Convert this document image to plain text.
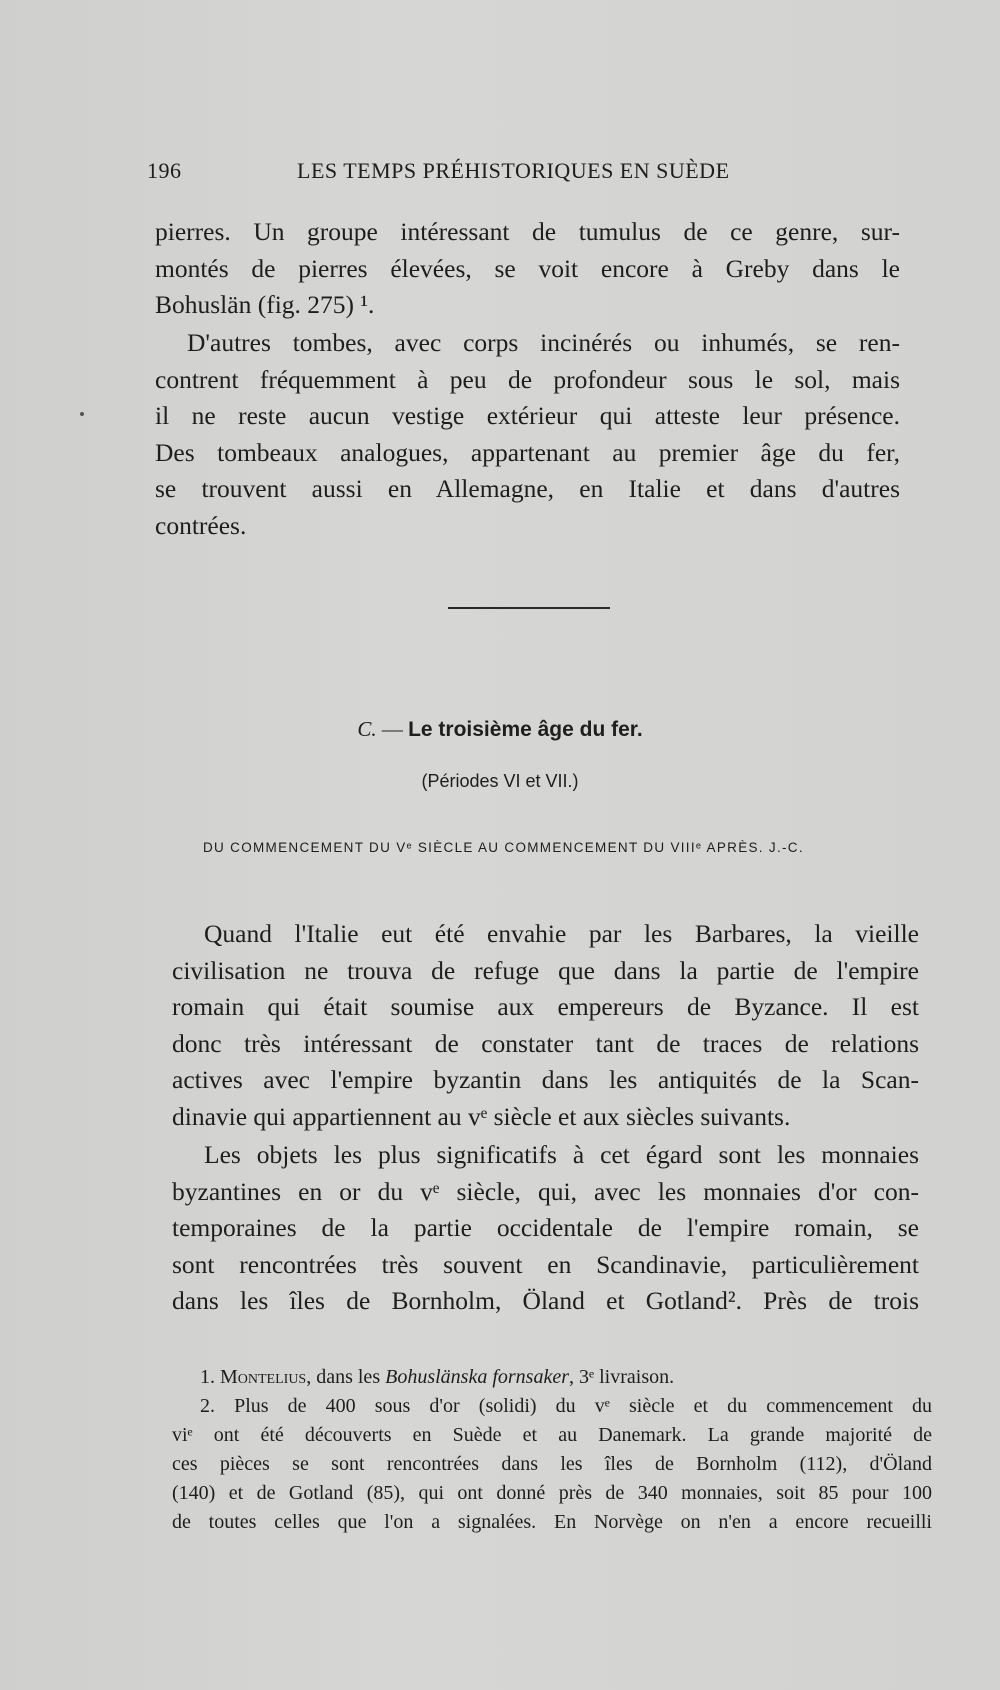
196	LES TEMPS PRÉHISTORIQUES EN SUÈDE

pierres. Un groupe intéressant de tumulus de ce genre, sur-
montés de pierres élevées, se voit encore à Greby dans le
Bohuslän (fig. 275) ¹.

D'autres tombes, avec corps incinérés ou inhumés, se ren-
contrent fréquemment à peu de profondeur sous le sol, mais
il ne reste aucun vestige extérieur qui atteste leur présence.
Des tombeaux analogues, appartenant au premier âge du fer,
se trouvent aussi en Allemagne, en Italie et dans d'autres
contrées.

C. — Le troisième âge du fer.
(Périodes VI et VII.)
DU COMMENCEMENT DU Vᵉ SIÈCLE AU COMMENCEMENT DU VIIIᵉ APRÈS. J.-C.

Quand l'Italie eut été envahie par les Barbares, la vieille
civilisation ne trouva de refuge que dans la partie de l'empire
romain qui était soumise aux empereurs de Byzance. Il est
donc très intéressant de constater tant de traces de relations
actives avec l'empire byzantin dans les antiquités de la Scan-
dinavie qui appartiennent au vᵉ siècle et aux siècles suivants.

Les objets les plus significatifs à cet égard sont les monnaies
byzantines en or du vᵉ siècle, qui, avec les monnaies d'or con-
temporaines de la partie occidentale de l'empire romain, se
sont rencontrées très souvent en Scandinavie, particulièrement
dans les îles de Bornholm, Öland et Gotland². Près de trois

1. Montelius, dans les Bohuslänska fornsaker, 3ᵉ livraison.
2. Plus de 400 sous d'or (solidi) du vᵉ siècle et du commencement du
viᵉ ont été découverts en Suède et au Danemark. La grande majorité de
ces pièces se sont rencontrées dans les îles de Bornholm (112), d'Öland
(140) et de Gotland (85), qui ont donné près de 340 monnaies, soit 85 pour 100
de toutes celles que l'on a signalées. En Norvège on n'en a encore recueilli
